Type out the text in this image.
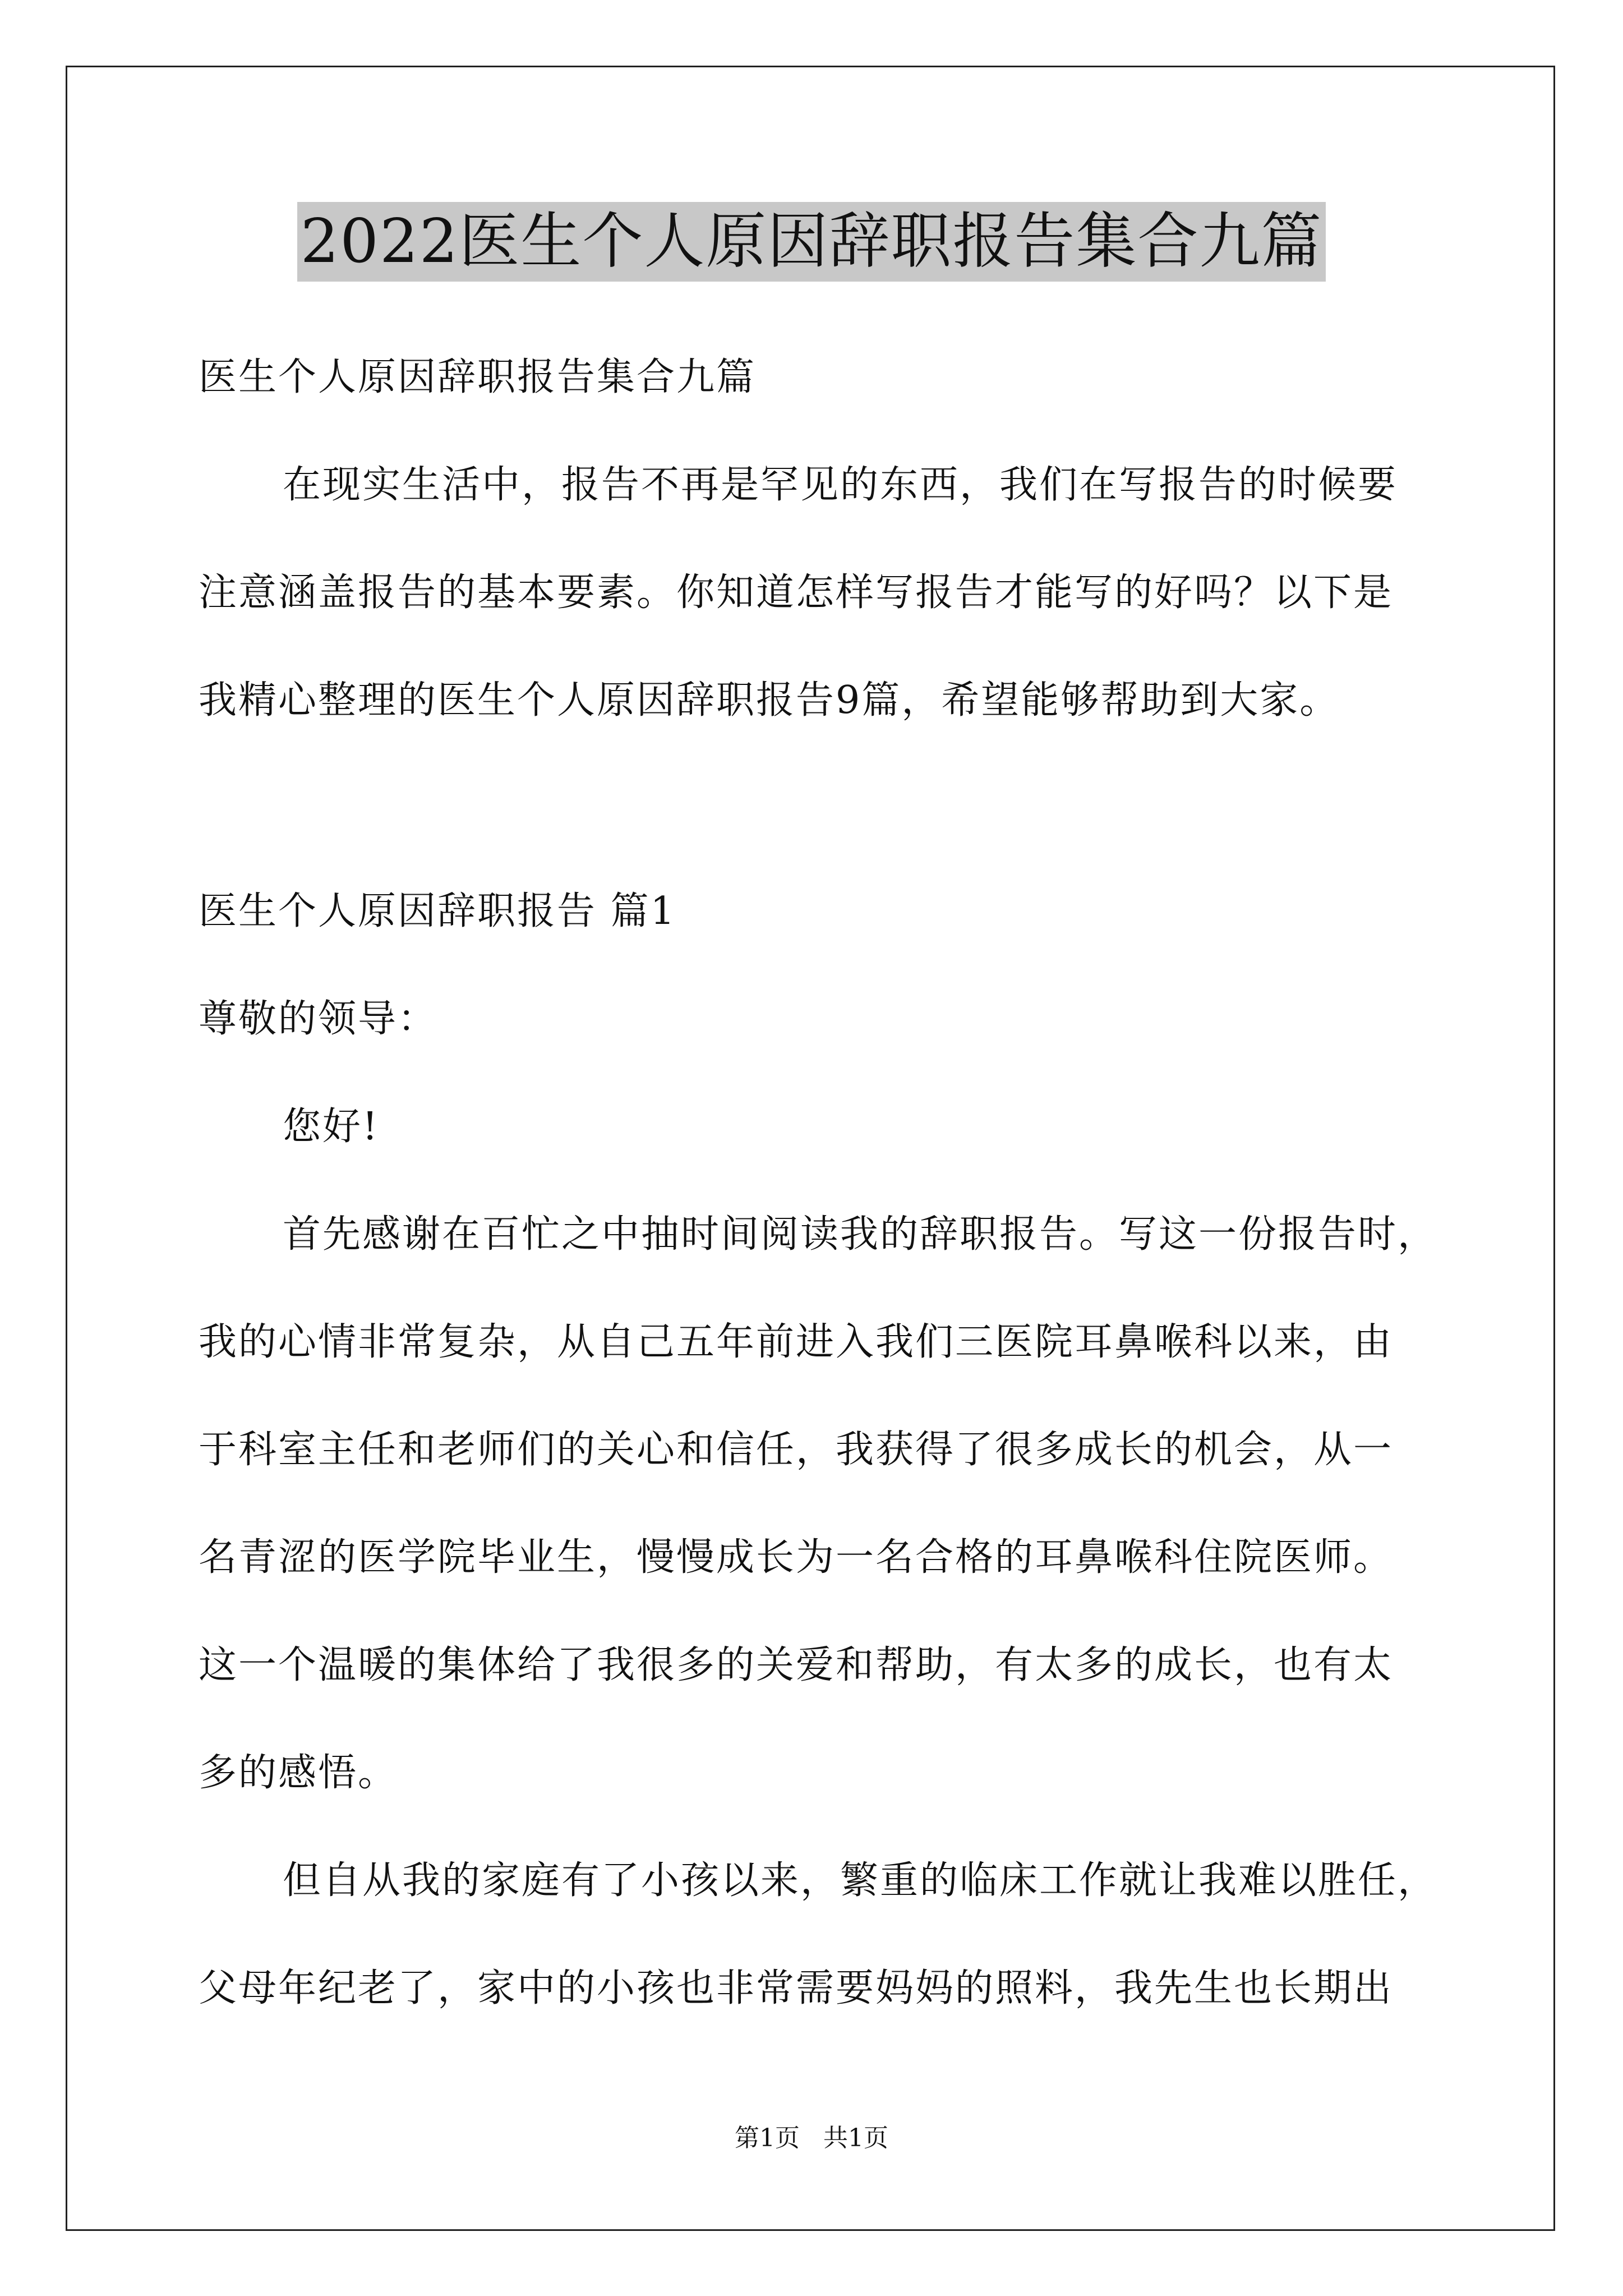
2022医生个人原因辞职报告集合九篇
医生个人原因辞职报告集合九篇
在现实生活中，报告不再是罕见的东西，我们在写报告的时候要
注意涵盖报告的基本要素。你知道怎样写报告才能写的好吗？以下是
我精心整理的医生个人原因辞职报告9篇，希望能够帮助到大家。
医生个人原因辞职报告 篇1
尊敬的领导：
您好!
首先感谢在百忙之中抽时间阅读我的辞职报告。写这一份报告时，
我的心情非常复杂，从自己五年前进入我们三医院耳鼻喉科以来，由
于科室主任和老师们的关心和信任，我获得了很多成长的机会，从一
名青涩的医学院毕业生，慢慢成长为一名合格的耳鼻喉科住院医师。
这一个温暖的集体给了我很多的关爱和帮助，有太多的成长，也有太
多的感悟。
但自从我的家庭有了小孩以来，繁重的临床工作就让我难以胜任，
父母年纪老了，家中的小孩也非常需要妈妈的照料，我先生也长期出
第1页   共1页
